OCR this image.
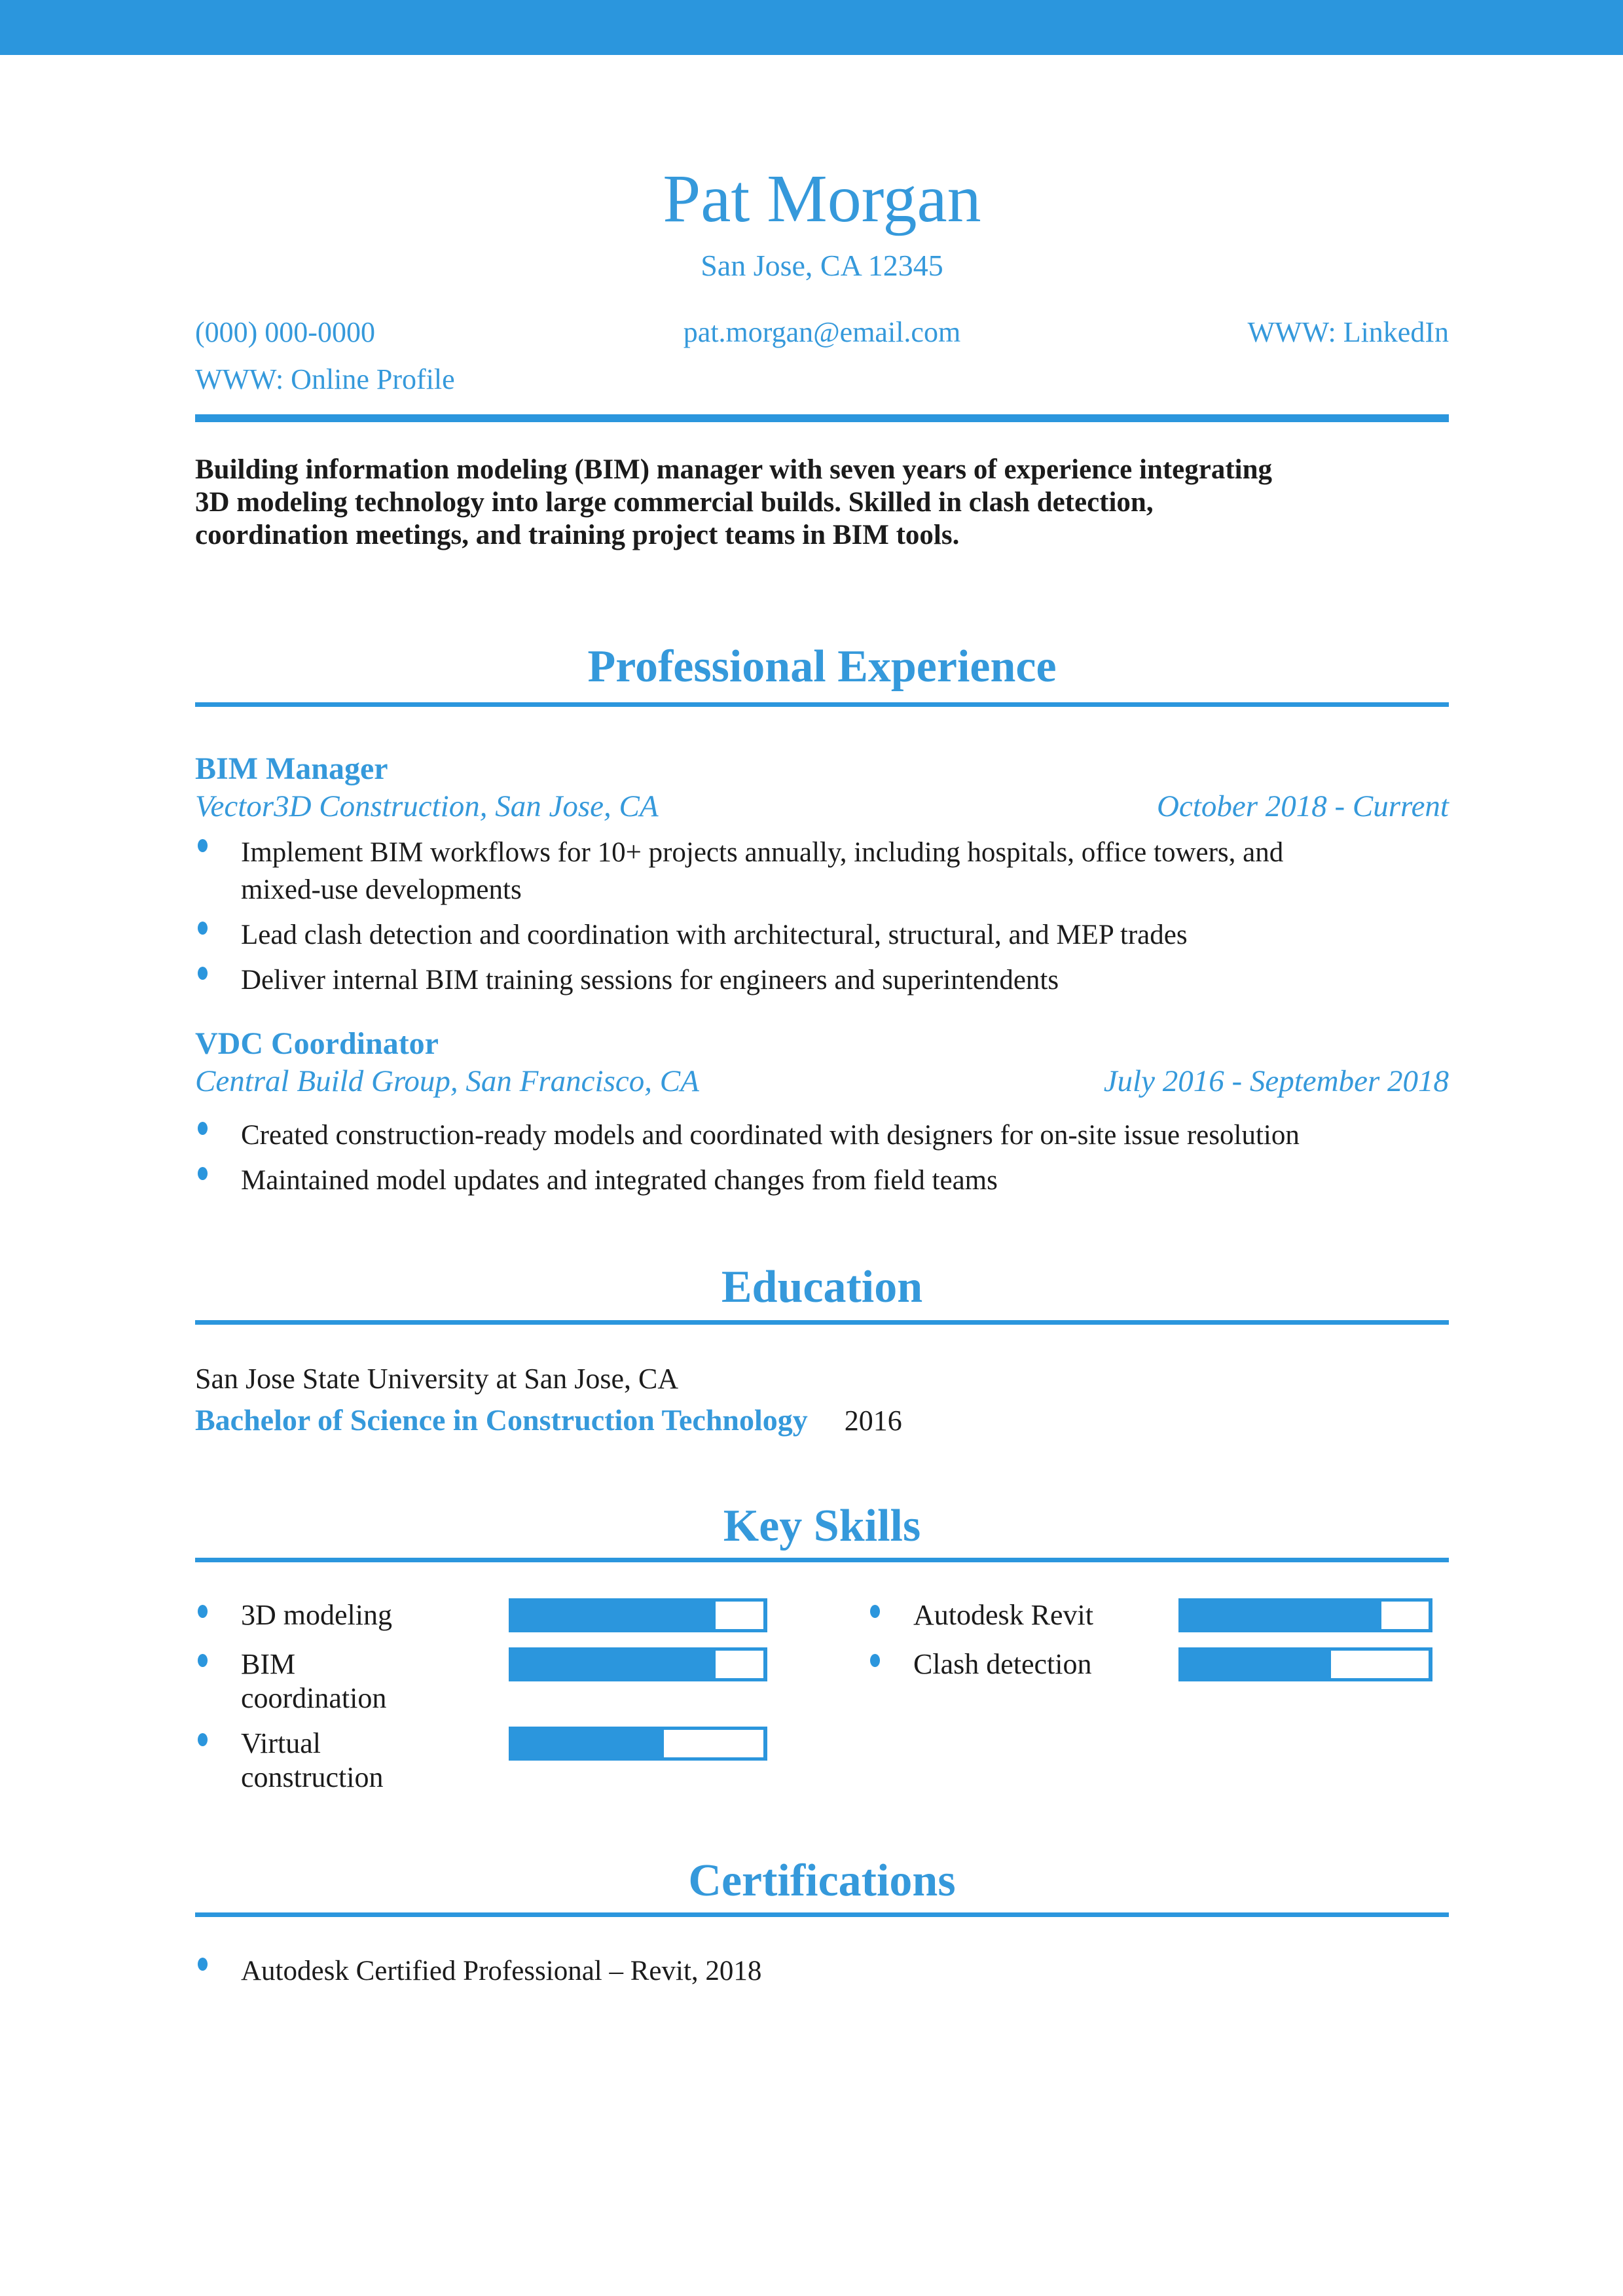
Pat Morgan
San Jose, CA 12345
(000) 000-0000	pat.morgan@email.com	WWW: LinkedIn
WWW: Online Profile
Building information modeling (BIM) manager with seven years of experience integrating
3D modeling technology into large commercial builds. Skilled in clash detection,
coordination meetings, and training project teams in BIM tools.
Professional Experience
BIM Manager
Vector3D Construction, San Jose, CA	October 2018 - Current
Implement BIM workflows for 10+ projects annually, including hospitals, office towers, and
mixed-use developments
Lead clash detection and coordination with architectural, structural, and MEP trades
Deliver internal BIM training sessions for engineers and superintendents
VDC Coordinator
Central Build Group, San Francisco, CA	July 2016 - September 2018
Created construction-ready models and coordinated with designers for on-site issue resolution
Maintained model updates and integrated changes from field teams
Education
San Jose State University at San Jose, CA
Bachelor of Science in Construction Technology 2016
Key Skills
3D modeling
BIM coordination
Virtual construction
Autodesk Revit
Clash detection
Certifications
Autodesk Certified Professional – Revit, 2018
